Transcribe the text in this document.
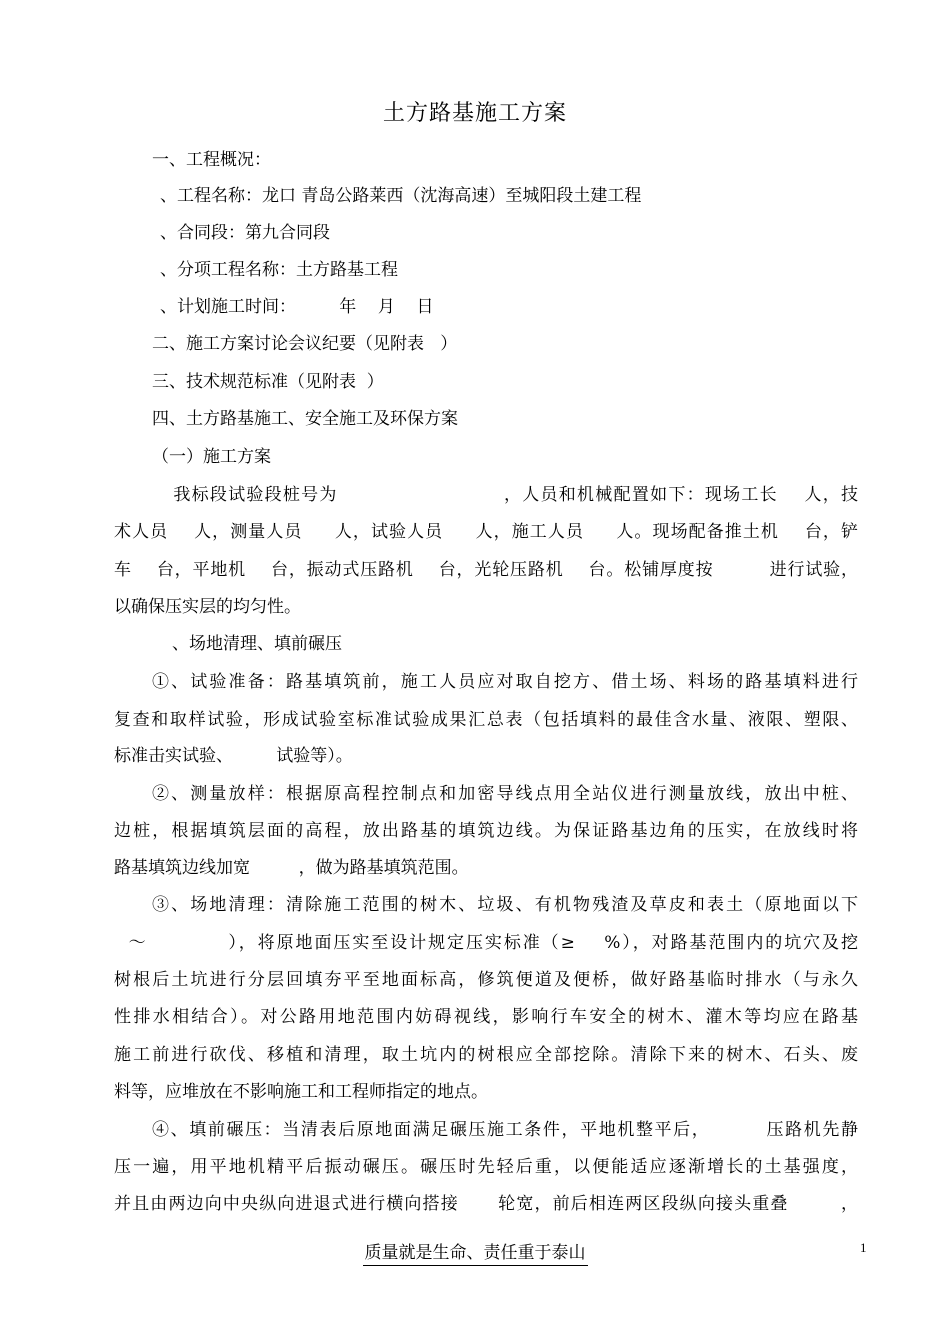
土方路基施工方案
一、工程概况：
、工程名称：龙口 青岛公路莱西（沈海高速）至城阳段土建工程
、合同段：第九合同段
、分项工程名称：土方路基工程
、计划施工时间：        年    月    日
二、施工方案讨论会议纪要（见附表   ）
三、技术规范标准（见附表  ）
四、土方路基施工、安全施工及环保方案
（一）施工方案
我标段试验段桩号为                         ，人员和机械配置如下：现场工长    人，技
术人员    人，测量人员     人，试验人员     人，施工人员     人。现场配备推土机    台，铲
车    台，平地机    台，振动式压路机    台，光轮压路机    台。松铺厚度按         进行试验，
以确保压实层的均匀性。
、场地清理、填前碾压
①、试验准备：路基填筑前，施工人员应对取自挖方、借土场、料场的路基填料进行
复查和取样试验，形成试验室标准试验成果汇总表（包括填料的最佳含水量、液限、塑限、
标准击实试验、        试验等）。
②、测量放样：根据原高程控制点和加密导线点用全站仪进行测量放线，放出中桩、
边桩，根据填筑层面的高程，放出路基的填筑边线。为保证路基边角的压实，在放线时将
路基填筑边线加宽         ，做为路基填筑范围。
③、场地清理：清除施工范围的树木、垃圾、有机物残渣及草皮和表土（原地面以下
～           ），将原地面压实至设计规定压实标准（≥    %），对路基范围内的坑穴及挖
树根后土坑进行分层回填夯平至地面标高，修筑便道及便桥，做好路基临时排水（与永久
性排水相结合）。对公路用地范围内妨碍视线，影响行车安全的树木、灌木等均应在路基
施工前进行砍伐、移植和清理，取土坑内的树根应全部挖除。清除下来的树木、石头、废
料等，应堆放在不影响施工和工程师指定的地点。
④、填前碾压：当清表后原地面满足碾压施工条件，平地机整平后，        压路机先静
压一遍，用平地机精平后振动碾压。碾压时先轻后重，以便能适应逐渐增长的土基强度，
并且由两边向中央纵向进退式进行横向搭接      轮宽，前后相连两区段纵向接头重叠        ，
质量就是生命、责任重于泰山	1
